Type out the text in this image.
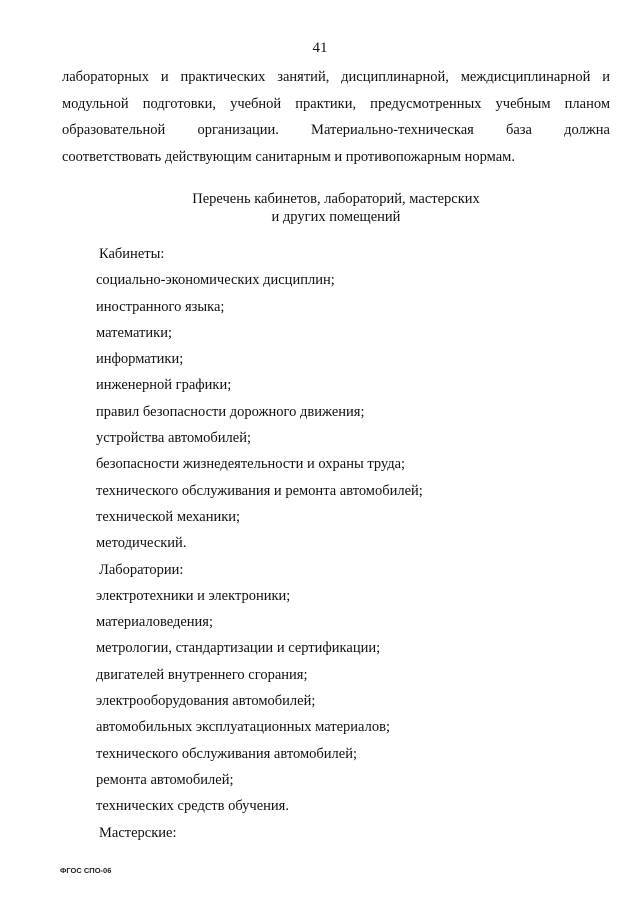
41
лабораторных и практических занятий, дисциплинарной, междисциплинарной и
модульной подготовки, учебной практики, предусмотренных учебным планом
образовательной организации. Материально-техническая база должна
соответствовать действующим санитарным и противопожарным нормам.
Перечень кабинетов, лабораторий, мастерских
и других помещений
Кабинеты:
социально-экономических дисциплин;
иностранного языка;
математики;
информатики;
инженерной графики;
правил безопасности дорожного движения;
устройства автомобилей;
безопасности жизнедеятельности и охраны труда;
технического обслуживания и ремонта автомобилей;
технической механики;
методический.
Лаборатории:
электротехники и электроники;
материаловедения;
метрологии, стандартизации и сертификации;
двигателей внутреннего сгорания;
электрооборудования автомобилей;
автомобильных эксплуатационных материалов;
технического обслуживания автомобилей;
ремонта автомобилей;
технических средств обучения.
Мастерские:
ФГОС СПО-06
